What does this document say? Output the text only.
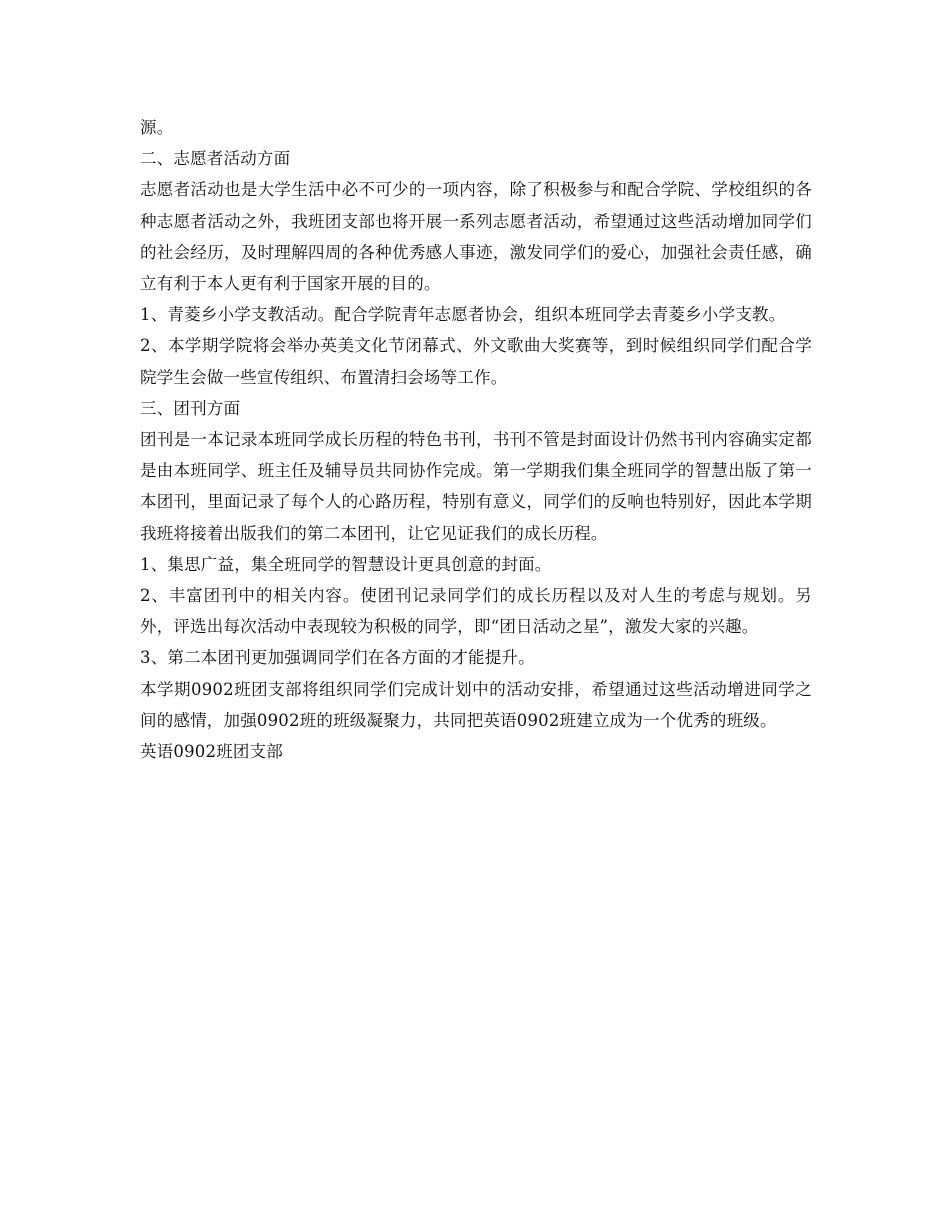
源。

二、志愿者活动方面

志愿者活动也是大学生活中必不可少的一项内容，除了积极参与和配合学院、学校组织的各种志愿者活动之外，我班团支部也将开展一系列志愿者活动，希望通过这些活动增加同学们的社会经历，及时理解四周的各种优秀感人事迹，激发同学们的爱心，加强社会责任感，确立有利于本人更有利于国家开展的目的。

1、青菱乡小学支教活动。配合学院青年志愿者协会，组织本班同学去青菱乡小学支教。

2、本学期学院将会举办英美文化节闭幕式、外文歌曲大奖赛等，到时候组织同学们配合学院学生会做一些宣传组织、布置清扫会场等工作。

三、团刊方面

团刊是一本记录本班同学成长历程的特色书刊，书刊不管是封面设计仍然书刊内容确实定都是由本班同学、班主任及辅导员共同协作完成。第一学期我们集全班同学的智慧出版了第一本团刊，里面记录了每个人的心路历程，特别有意义，同学们的反响也特别好，因此本学期我班将接着出版我们的第二本团刊，让它见证我们的成长历程。

1、集思广益，集全班同学的智慧设计更具创意的封面。

2、丰富团刊中的相关内容。使团刊记录同学们的成长历程以及对人生的考虑与规划。另外，评选出每次活动中表现较为积极的同学，即“团日活动之星”，激发大家的兴趣。

3、第二本团刊更加强调同学们在各方面的才能提升。

本学期0902班团支部将组织同学们完成计划中的活动安排，希望通过这些活动增进同学之间的感情，加强0902班的班级凝聚力，共同把英语0902班建立成为一个优秀的班级。

英语0902班团支部
